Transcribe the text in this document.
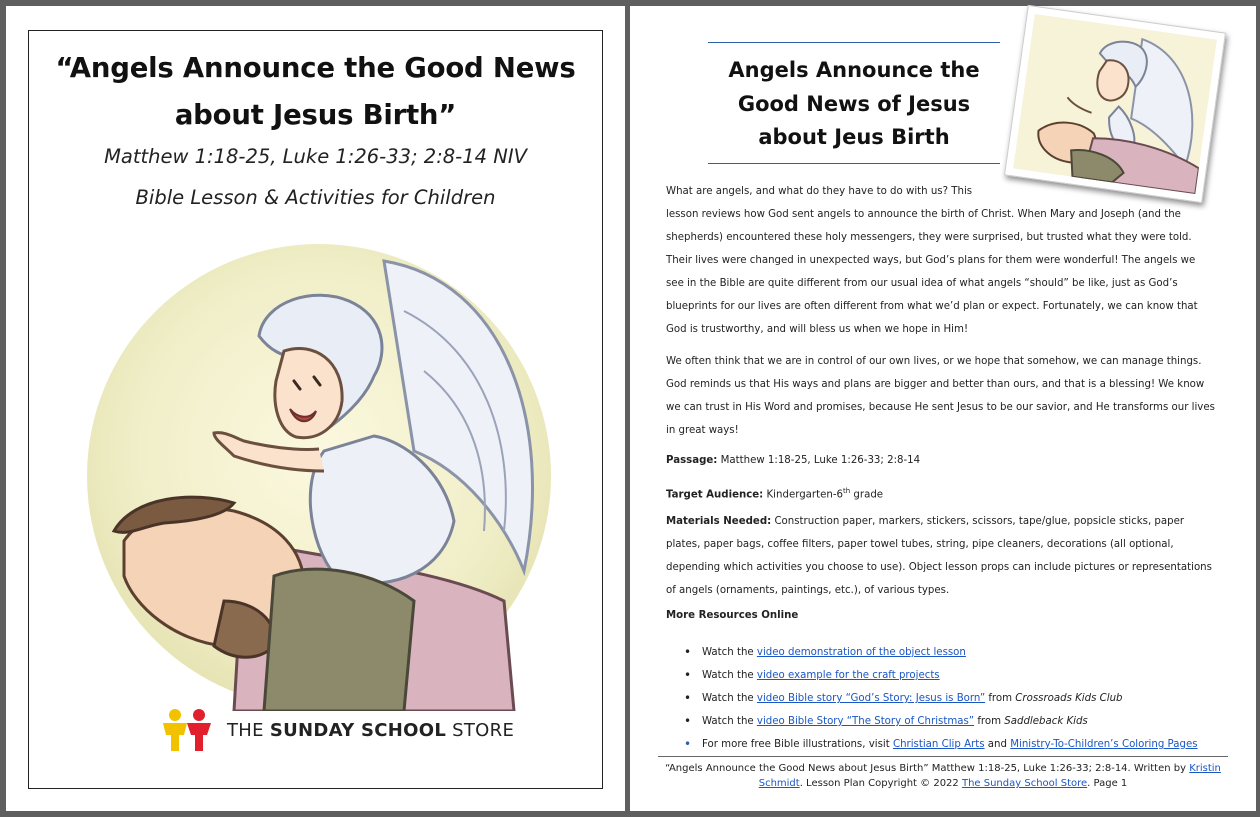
“Angels Announce the Good News
about Jesus Birth”
Matthew 1:18-25, Luke 1:26-33; 2:8-14 NIV
Bible Lesson & Activities for Children
THE SUNDAY SCHOOL STORE
Angels Announce the
Good News of Jesus
about Jeus Birth
What are angels, and what do they have to do with us? This
lesson reviews how God sent angels to announce the birth of Christ. When Mary and Joseph (and the shepherds) encountered these holy messengers, they were surprised, but trusted what they were told. Their lives were changed in unexpected ways, but God’s plans for them were wonderful! The angels we see in the Bible are quite different from our usual idea of what angels “should” be like, just as God’s blueprints for our lives are often different from what we’d plan or expect. Fortunately, we can know that God is trustworthy, and will bless us when we hope in Him!
We often think that we are in control of our own lives, or we hope that somehow, we can manage things. God reminds us that His ways and plans are bigger and better than ours, and that is a blessing! We know we can trust in His Word and promises, because He sent Jesus to be our savior, and He transforms our lives in great ways!
Passage: Matthew 1:18-25, Luke 1:26-33; 2:8-14
Target Audience: Kindergarten-6th grade
Materials Needed: Construction paper, markers, stickers, scissors, tape/glue, popsicle sticks, paper plates, paper bags, coffee filters, paper towel tubes, string, pipe cleaners, decorations (all optional, depending which activities you choose to use). Object lesson props can include pictures or representations of angels (ornaments, paintings, etc.), of various types.
More Resources Online
• Watch the video demonstration of the object lesson
• Watch the video example for the craft projects
• Watch the video Bible story “God’s Story: Jesus is Born” from Crossroads Kids Club
• Watch the video Bible Story “The Story of Christmas” from Saddleback Kids
• For more free Bible illustrations, visit Christian Clip Arts and Ministry-To-Children’s Coloring Pages
“Angels Announce the Good News about Jesus Birth” Matthew 1:18-25, Luke 1:26-33; 2:8-14. Written by Kristin Schmidt. Lesson Plan Copyright © 2022 The Sunday School Store. Page 1
